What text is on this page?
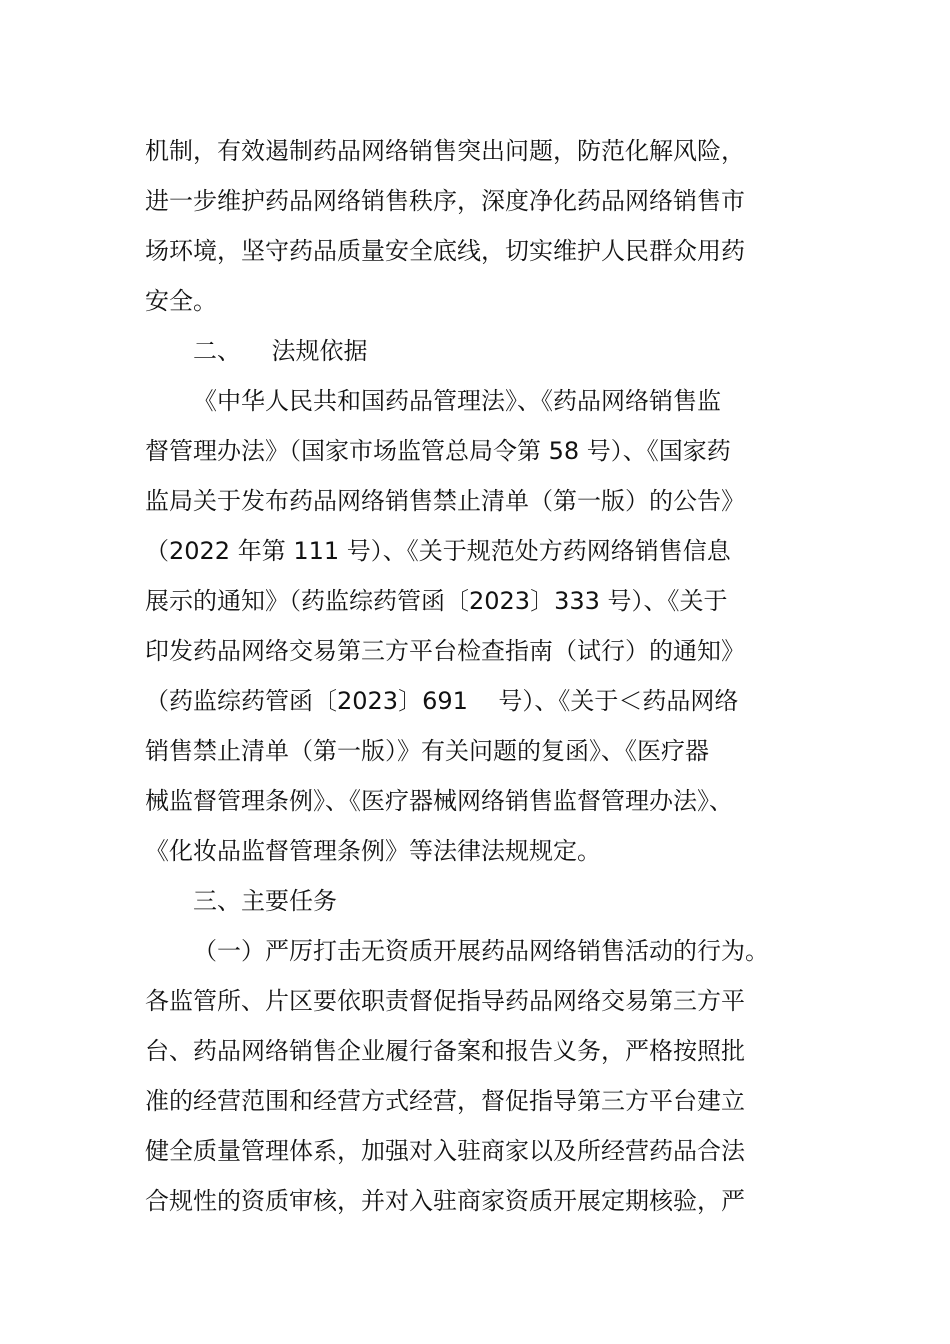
机制，有效遏制药品网络销售突出问题，防范化解风险，
进一步维护药品网络销售秩序，深度净化药品网络销售市
场环境，坚守药品质量安全底线，切实维护人民群众用药
安全。
二、    法规依据
《中华人民共和国药品管理法》、《药品网络销售监
督管理办法》（国家市场监管总局令第 58 号）、《国家药
监局关于发布药品网络销售禁止清单（第一版）的公告》
（2022 年第 111 号）、《关于规范处方药网络销售信息
展示的通知》（药监综药管函〔2023〕333 号）、《关于
印发药品网络交易第三方平台检查指南（试行）的通知》
（药监综药管函〔2023〕691    号）、《关于＜药品网络
销售禁止清单（第一版）》有关问题的复函》、《医疗器
械监督管理条例》、《医疗器械网络销售监督管理办法》、
《化妆品监督管理条例》等法律法规规定。
三、主要任务
（一）严厉打击无资质开展药品网络销售活动的行为。
各监管所、片区要依职责督促指导药品网络交易第三方平
台、药品网络销售企业履行备案和报告义务，严格按照批
准的经营范围和经营方式经营，督促指导第三方平台建立
健全质量管理体系，加强对入驻商家以及所经营药品合法
合规性的资质审核，并对入驻商家资质开展定期核验，严
